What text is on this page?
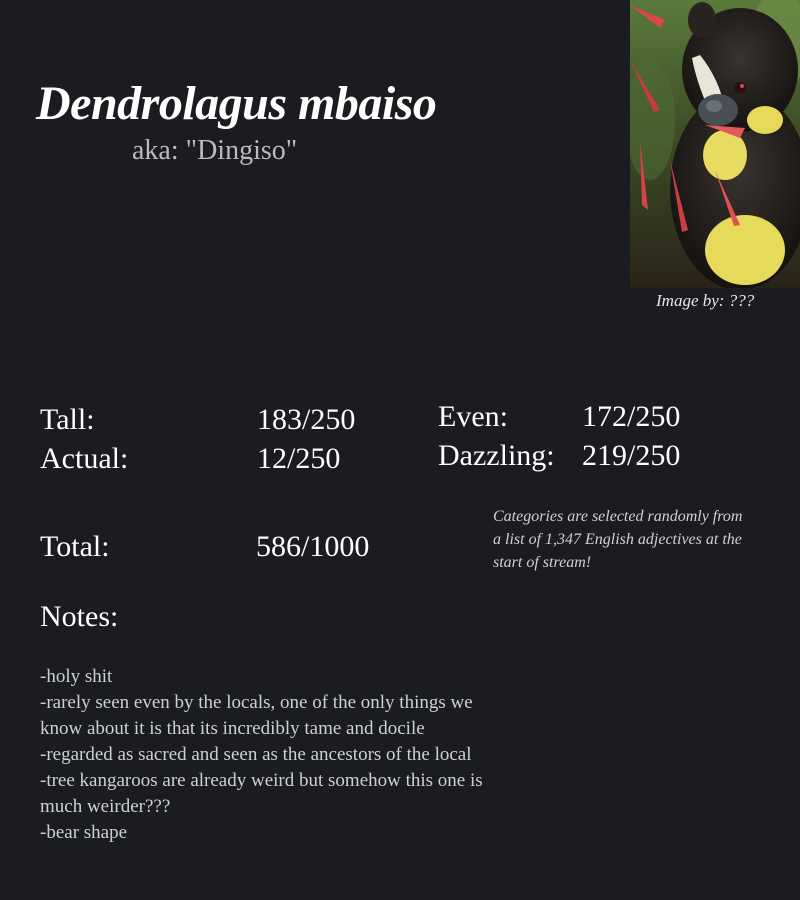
Dendrolagus mbaiso
aka: "Dingiso"
Image by: ???
Tall:	183/250
Actual:	12/250
Even: 172/250
Dazzling: 219/250
Total:	586/1000
Categories are selected randomly from a list of 1,347 English adjectives at the start of stream!
Notes:
-holy shit
-rarely seen even by the locals, one of the only things we know about it is that its incredibly tame and docile
-regarded as sacred and seen as the ancestors of the local
-tree kangaroos are already weird but somehow this one is much weirder???
-bear shape
